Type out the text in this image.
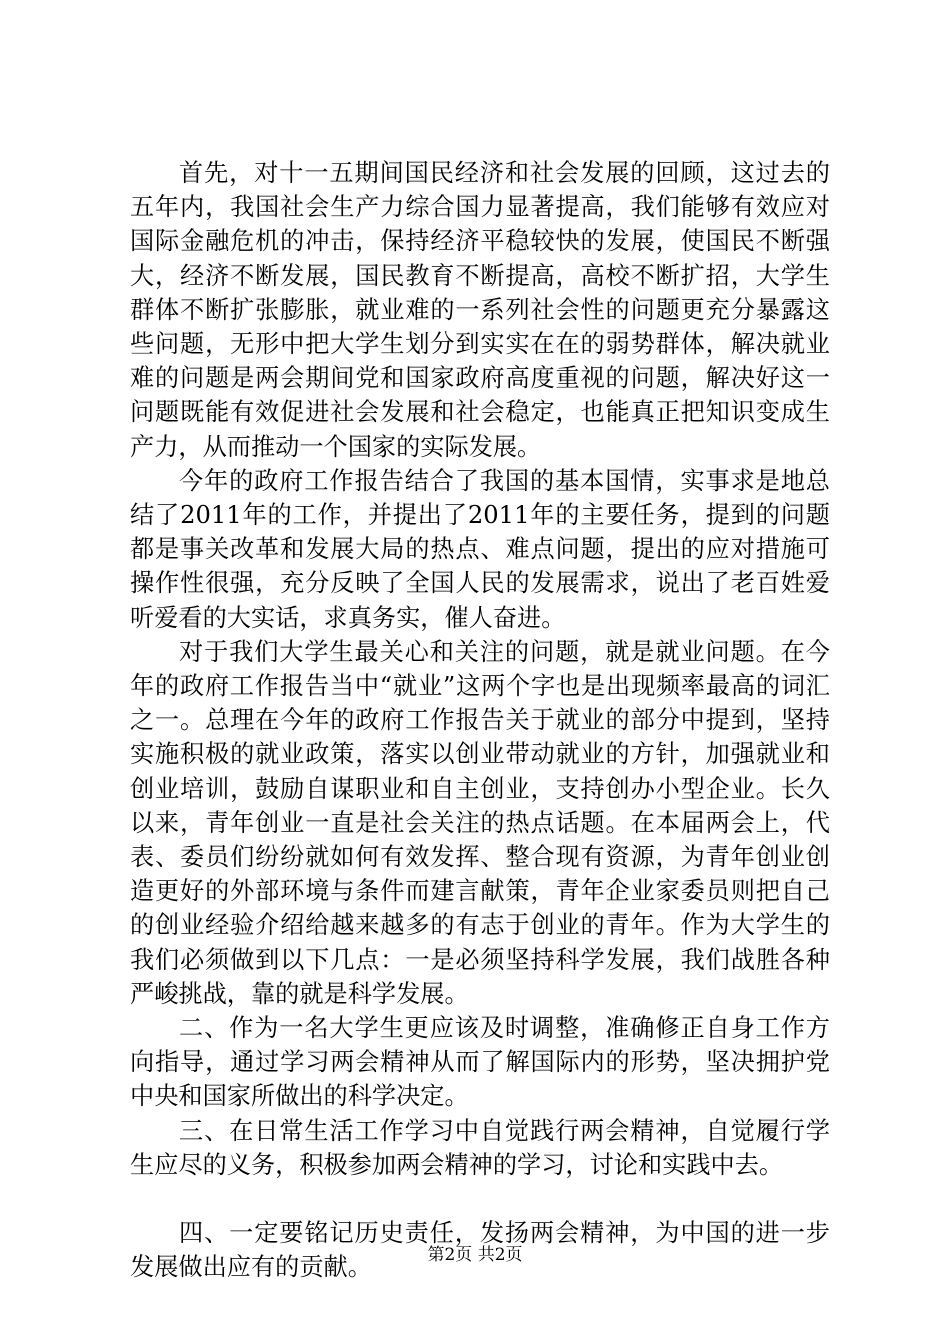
首先，对十一五期间国民经济和社会发展的回顾，这过去的五年内，我国社会生产力综合国力显著提高，我们能够有效应对国际金融危机的冲击，保持经济平稳较快的发展，使国民不断强大，经济不断发展，国民教育不断提高，高校不断扩招，大学生群体不断扩张膨胀，就业难的一系列社会性的问题更充分暴露这些问题，无形中把大学生划分到实实在在的弱势群体，解决就业难的问题是两会期间党和国家政府高度重视的问题，解决好这一问题既能有效促进社会发展和社会稳定，也能真正把知识变成生产力，从而推动一个国家的实际发展。

今年的政府工作报告结合了我国的基本国情，实事求是地总结了2011年的工作，并提出了2011年的主要任务，提到的问题都是事关改革和发展大局的热点、难点问题，提出的应对措施可操作性很强，充分反映了全国人民的发展需求，说出了老百姓爱听爱看的大实话，求真务实，催人奋进。

对于我们大学生最关心和关注的问题，就是就业问题。在今年的政府工作报告当中“就业”这两个字也是出现频率最高的词汇之一。总理在今年的政府工作报告关于就业的部分中提到，坚持实施积极的就业政策，落实以创业带动就业的方针，加强就业和创业培训，鼓励自谋职业和自主创业，支持创办小型企业。长久以来，青年创业一直是社会关注的热点话题。在本届两会上，代表、委员们纷纷就如何有效发挥、整合现有资源，为青年创业创造更好的外部环境与条件而建言献策，青年企业家委员则把自己的创业经验介绍给越来越多的有志于创业的青年。作为大学生的我们必须做到以下几点：一是必须坚持科学发展，我们战胜各种严峻挑战，靠的就是科学发展。

二、作为一名大学生更应该及时调整，准确修正自身工作方向指导，通过学习两会精神从而了解国际内的形势，坚决拥护党中央和国家所做出的科学决定。

三、在日常生活工作学习中自觉践行两会精神，自觉履行学生应尽的义务，积极参加两会精神的学习，讨论和实践中去。

四、一定要铭记历史责任，发扬两会精神，为中国的进一步发展做出应有的贡献。	第2页 共2页
